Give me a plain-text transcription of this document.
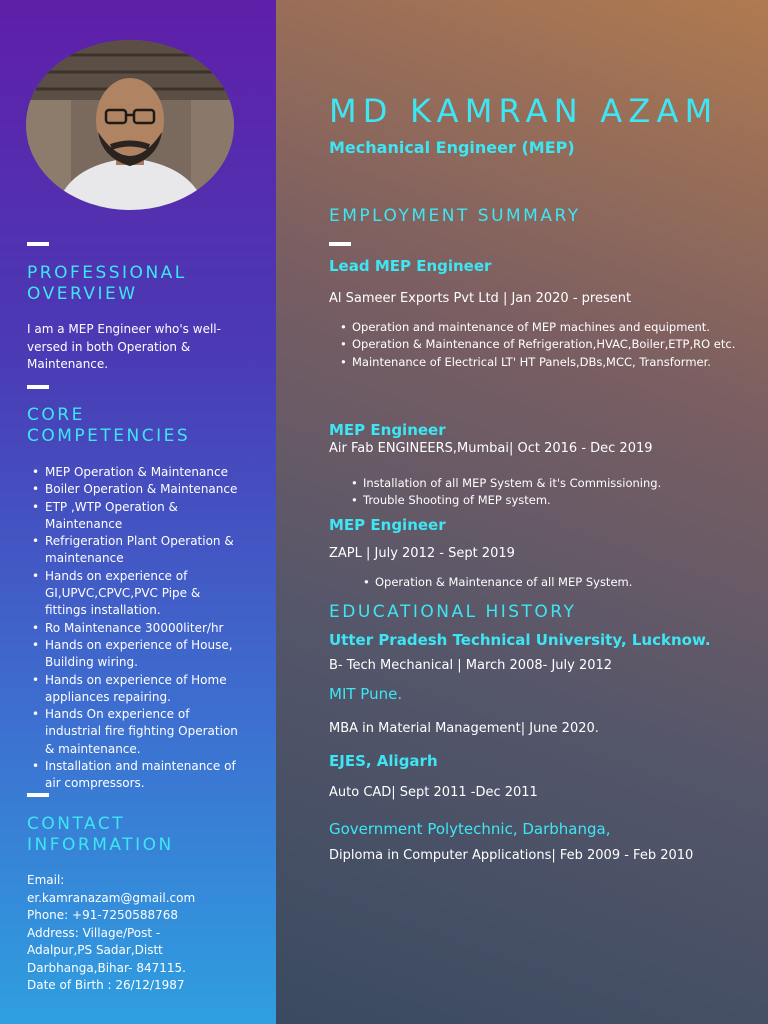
PROFESSIONAL
OVERVIEW

I am a MEP Engineer who's well-versed in both Operation & Maintenance.

CORE
COMPETENCIES
• MEP Operation & Maintenance
• Boiler Operation & Maintenance
• ETP ,WTP Operation & Maintenance
• Refrigeration Plant Operation & maintenance
• Hands on experience of GI,UPVC,CPVC,PVC Pipe & fittings installation.
• Ro Maintenance 30000liter/hr
• Hands on experience of House, Building wiring.
• Hands on experience of Home appliances repairing.
• Hands On experience of industrial fire fighting Operation & maintenance.
• Installation and maintenance of air compressors.
CONTACT
INFORMATION
Email:
er.kamranazam@gmail.com
Phone: +91-7250588768
Address: Village/Post -
Adalpur,PS Sadar,Distt
Darbhanga,Bihar- 847115.
Date of Birth : 26/12/1987
MD KAMRAN AZAM

Mechanical Engineer (MEP)

EMPLOYMENT SUMMARY

Lead MEP Engineer

Al Sameer Exports Pvt Ltd | Jan 2020 - present

• Operation and maintenance of MEP machines and equipment.
• Operation & Maintenance of Refrigeration,HVAC,Boiler,ETP,RO etc.
• Maintenance of Electrical LT' HT Panels,DBs,MCC, Transformer.

MEP Engineer

Air Fab ENGINEERS,Mumbai| Oct 2016 - Dec 2019

• Installation of all MEP System & it's Commissioning.
• Trouble Shooting of MEP system.

MEP Engineer

ZAPL | July 2012 - Sept 2019

• Operation & Maintenance of all MEP System.
EDUCATIONAL HISTORY

Utter Pradesh Technical University, Lucknow.

B- Tech Mechanical | March 2008- July 2012

MIT Pune.

MBA in Material Management| June 2020.

EJES, Aligarh

Auto CAD| Sept 2011 -Dec 2011

Government Polytechnic, Darbhanga,

Diploma in Computer Applications| Feb 2009 - Feb 2010
